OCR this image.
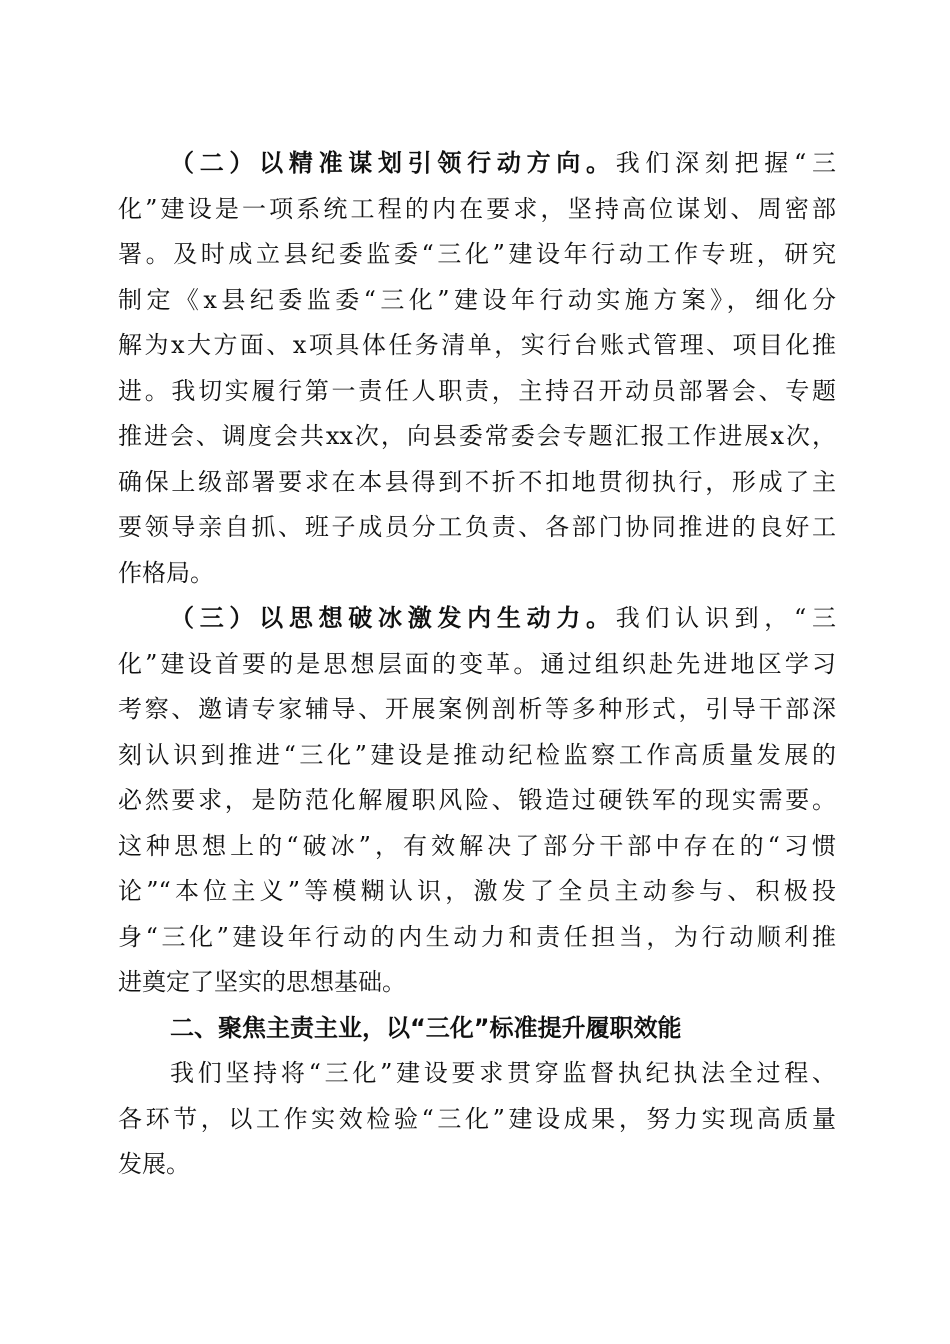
（二）以精准谋划引领行动方向。我们深刻把握“三
化”建设是一项系统工程的内在要求，坚持高位谋划、周密部
署。及时成立县纪委监委“三化”建设年行动工作专班，研究
制定《x县纪委监委“三化”建设年行动实施方案》，细化分
解为x大方面、x项具体任务清单，实行台账式管理、项目化推
进。我切实履行第一责任人职责，主持召开动员部署会、专题
推进会、调度会共xx次，向县委常委会专题汇报工作进展x次，
确保上级部署要求在本县得到不折不扣地贯彻执行，形成了主
要领导亲自抓、班子成员分工负责、各部门协同推进的良好工
作格局。
（三）以思想破冰激发内生动力。我们认识到，“三
化”建设首要的是思想层面的变革。通过组织赴先进地区学习
考察、邀请专家辅导、开展案例剖析等多种形式，引导干部深
刻认识到推进“三化”建设是推动纪检监察工作高质量发展的
必然要求，是防范化解履职风险、锻造过硬铁军的现实需要。
这种思想上的“破冰”，有效解决了部分干部中存在的“习惯
论”“本位主义”等模糊认识，激发了全员主动参与、积极投
身“三化”建设年行动的内生动力和责任担当，为行动顺利推
进奠定了坚实的思想基础。
二、聚焦主责主业，以“三化”标准提升履职效能
我们坚持将“三化”建设要求贯穿监督执纪执法全过程、
各环节，以工作实效检验“三化”建设成果，努力实现高质量
发展。
